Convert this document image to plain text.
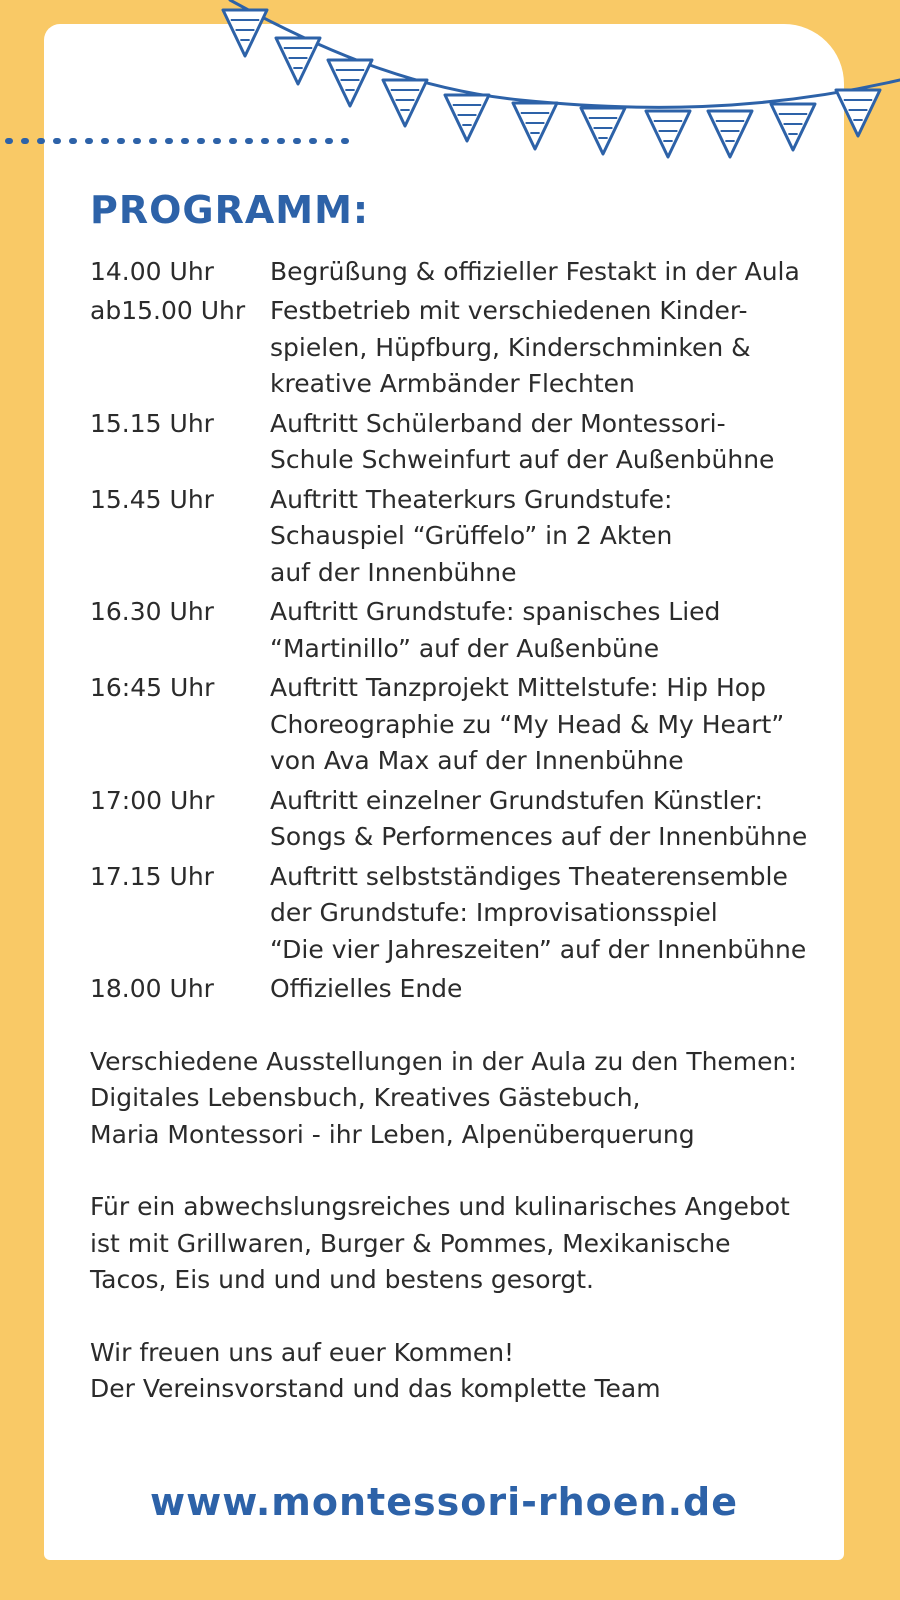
PROGRAMM:
14.00 Uhr	Begrüßung & offizieller Festakt in der Aula
ab15.00 Uhr Festbetrieb mit verschiedenen Kinder-
spielen, Hüpfburg, Kinderschminken &
kreative Armbänder Flechten
15.15 Uhr	Auftritt Schülerband der Montessori-
Schule Schweinfurt auf der Außenbühne
15.45 Uhr	Auftritt Theaterkurs Grundstufe:
Schauspiel “Grüffelo” in 2 Akten
auf der Innenbühne
16.30 Uhr	Auftritt Grundstufe: spanisches Lied
“Martinillo” auf der Außenbüne
16:45 Uhr	Auftritt Tanzprojekt Mittelstufe: Hip Hop
Choreographie zu “My Head & My Heart”
von Ava Max auf der Innenbühne
17:00 Uhr	Auftritt einzelner Grundstufen Künstler:
Songs & Performences auf der Innenbühne
17.15 Uhr	Auftritt selbstständiges Theaterensemble
der Grundstufe: Improvisationsspiel
“Die vier Jahreszeiten” auf der Innenbühne
18.00 Uhr	Offizielles Ende
Verschiedene Ausstellungen in der Aula zu den Themen:
Digitales Lebensbuch, Kreatives Gästebuch,
Maria Montessori - ihr Leben, Alpenüberquerung
Für ein abwechslungsreiches und kulinarisches Angebot
ist mit Grillwaren, Burger & Pommes, Mexikanische
Tacos, Eis und und und bestens gesorgt.
Wir freuen uns auf euer Kommen!
Der Vereinsvorstand und das komplette Team
www.montessori-rhoen.de
